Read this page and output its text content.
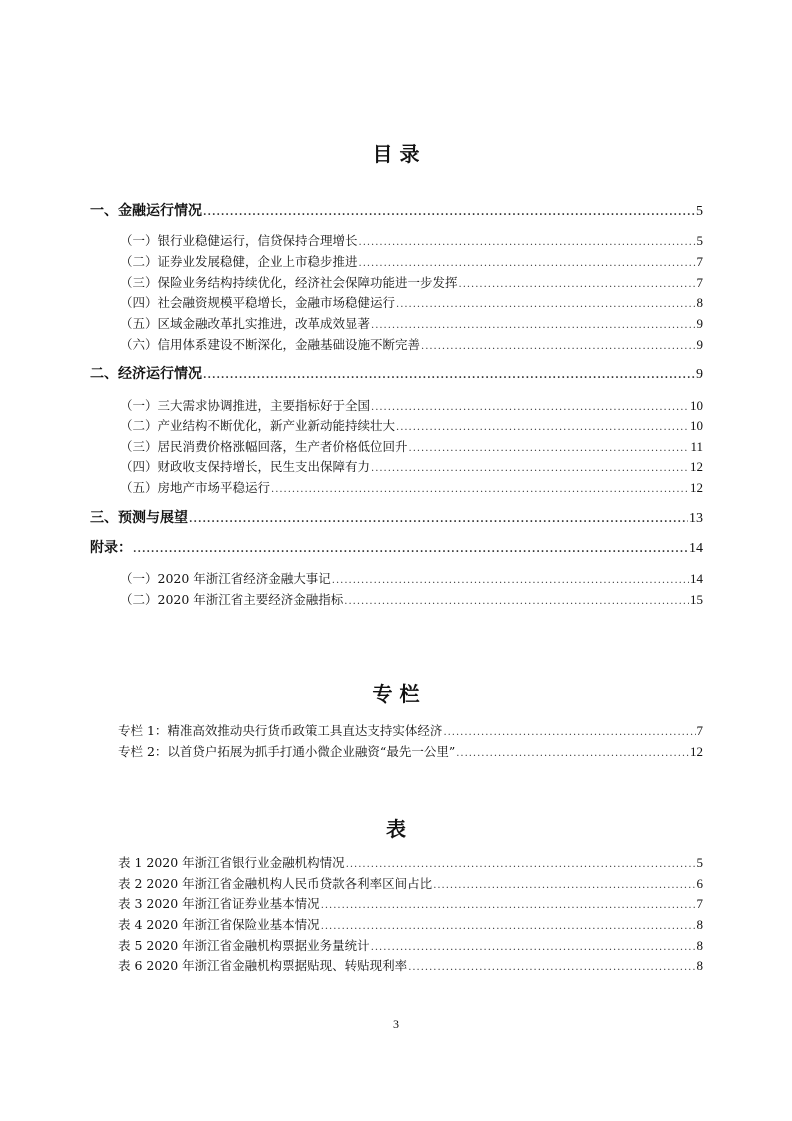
目 录
一、金融运行情况 .....	5
（一）银行业稳健运行，信贷保持合理增长 .....	5
（二）证券业发展稳健，企业上市稳步推进 .....	7
（三）保险业务结构持续优化，经济社会保障功能进一步发挥 .....	7
（四）社会融资规模平稳增长，金融市场稳健运行 .....	8
（五）区域金融改革扎实推进，改革成效显著 .....	9
（六）信用体系建设不断深化，金融基础设施不断完善 .....	9
二、经济运行情况 .....	9
（一）三大需求协调推进，主要指标好于全国 .....	10
（二）产业结构不断优化，新产业新动能持续壮大 .....	10
（三）居民消费价格涨幅回落，生产者价格低位回升 .....	11
（四）财政收支保持增长，民生支出保障有力 .....	12
（五）房地产市场平稳运行 .....	12
三、预测与展望 .....	13
附录： .....	14
（一）2020 年浙江省经济金融大事记 .....	14
（二）2020 年浙江省主要经济金融指标 .....	15
专 栏
专栏 1：精准高效推动央行货币政策工具直达支持实体经济 .....	7
专栏 2：以首贷户拓展为抓手打通小微企业融资“最先一公里” .....	12
表
表 1 2020 年浙江省银行业金融机构情况 .....	5
表 2 2020 年浙江省金融机构人民币贷款各利率区间占比 .....	6
表 3 2020 年浙江省证券业基本情况 .....	7
表 4 2020 年浙江省保险业基本情况 .....	8
表 5 2020 年浙江省金融机构票据业务量统计 .....	8
表 6 2020 年浙江省金融机构票据贴现、转贴现利率 .....	8
3
